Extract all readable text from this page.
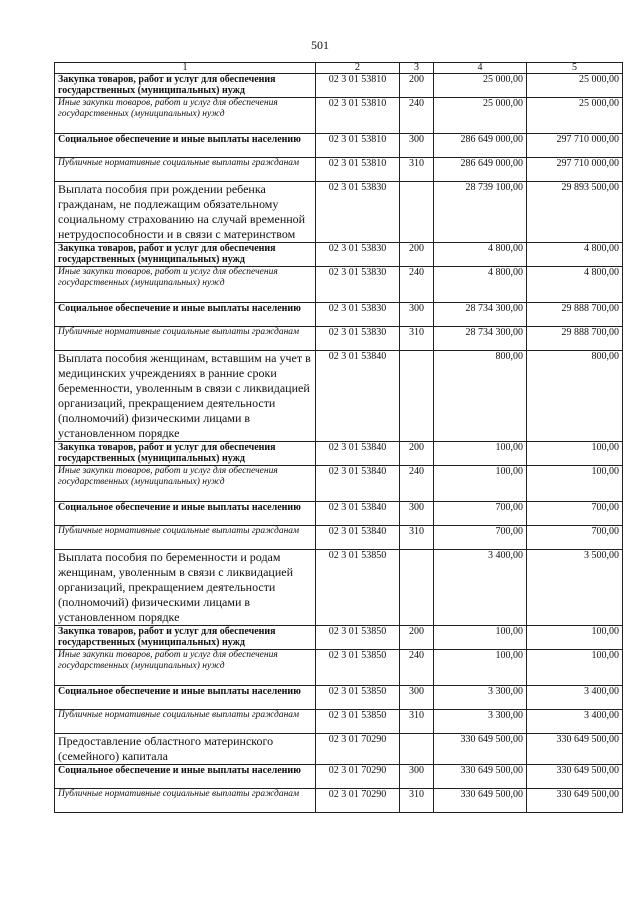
501
1	2	3	4	5
Закупка товаров, работ и услуг для обеспечения государственных (муниципальных) нужд	02 3 01 53810	200	25 000,00	25 000,00
Иные закупки товаров, работ и услуг для обеспечения государственных (муниципальных) нужд	02 3 01 53810	240	25 000,00	25 000,00
Социальное обеспечение и иные выплаты населению	02 3 01 53810	300	286 649 000,00	297 710 000,00
Публичные нормативные социальные выплаты гражданам	02 3 01 53810	310	286 649 000,00	297 710 000,00
Выплата пособия при рождении ребенка гражданам, не подлежащим обязательному социальному страхованию на случай временной нетрудоспособности и в связи с материнством	02 3 01 53830		28 739 100,00	29 893 500,00
Закупка товаров, работ и услуг для обеспечения государственных (муниципальных) нужд	02 3 01 53830	200	4 800,00	4 800,00
Иные закупки товаров, работ и услуг для обеспечения государственных (муниципальных) нужд	02 3 01 53830	240	4 800,00	4 800,00
Социальное обеспечение и иные выплаты населению	02 3 01 53830	300	28 734 300,00	29 888 700,00
Публичные нормативные социальные выплаты гражданам	02 3 01 53830	310	28 734 300,00	29 888 700,00
Выплата пособия женщинам, вставшим на учет в медицинских учреждениях в ранние сроки беременности, уволенным в связи с ликвидацией организаций, прекращением деятельности (полномочий) физическими лицами в установленном порядке	02 3 01 53840		800,00	800,00
Закупка товаров, работ и услуг для обеспечения государственных (муниципальных) нужд	02 3 01 53840	200	100,00	100,00
Иные закупки товаров, работ и услуг для обеспечения государственных (муниципальных) нужд	02 3 01 53840	240	100,00	100,00
Социальное обеспечение и иные выплаты населению	02 3 01 53840	300	700,00	700,00
Публичные нормативные социальные выплаты гражданам	02 3 01 53840	310	700,00	700,00
Выплата пособия по беременности и родам женщинам, уволенным в связи с ликвидацией организаций, прекращением деятельности (полномочий) физическими лицами в установленном порядке	02 3 01 53850		3 400,00	3 500,00
Закупка товаров, работ и услуг для обеспечения государственных (муниципальных) нужд	02 3 01 53850	200	100,00	100,00
Иные закупки товаров, работ и услуг для обеспечения государственных (муниципальных) нужд	02 3 01 53850	240	100,00	100,00
Социальное обеспечение и иные выплаты населению	02 3 01 53850	300	3 300,00	3 400,00
Публичные нормативные социальные выплаты гражданам	02 3 01 53850	310	3 300,00	3 400,00
Предоставление областного материнского (семейного) капитала	02 3 01 70290		330 649 500,00	330 649 500,00
Социальное обеспечение и иные выплаты населению	02 3 01 70290	300	330 649 500,00	330 649 500,00
Публичные нормативные социальные выплаты гражданам	02 3 01 70290	310	330 649 500,00	330 649 500,00
